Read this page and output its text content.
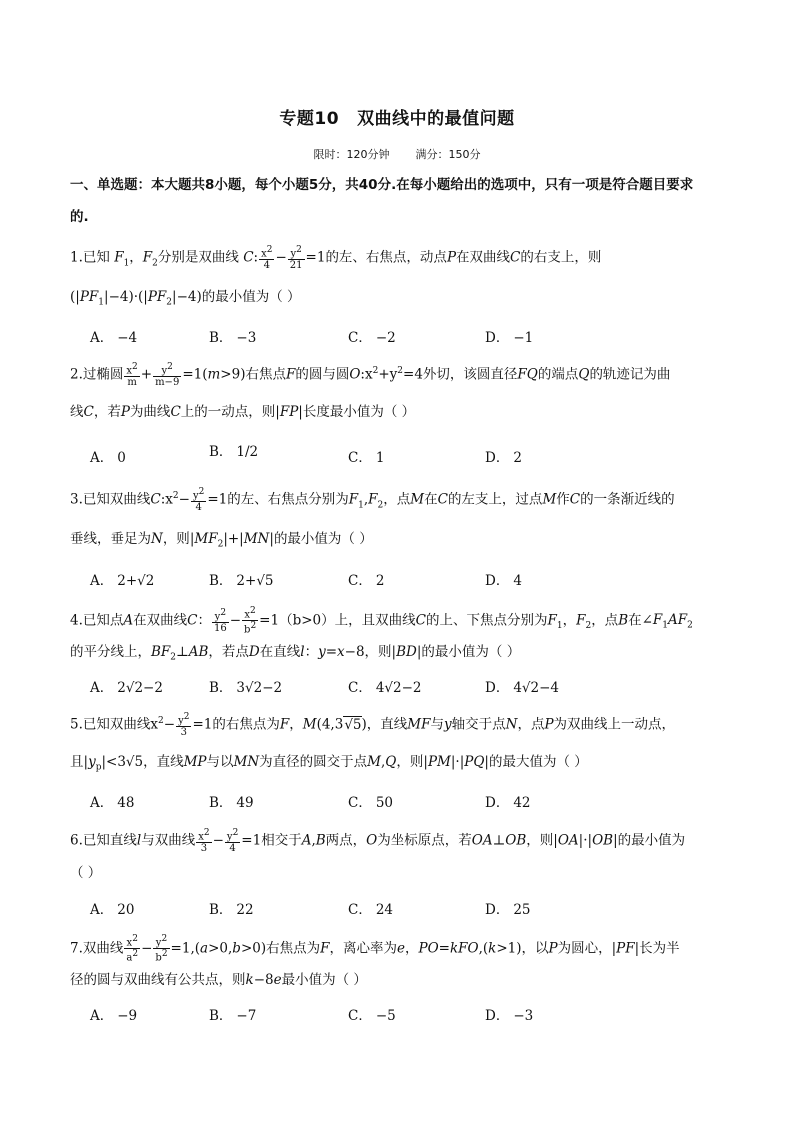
专题10 双曲线中的最值问题
限时：120分钟 满分：150分
一、单选题：本大题共8小题，每个小题5分，共40分.在每小题给出的选项中，只有一项是符合题目要求
的.
1.已知 $F_1$，$F_2$分别是双曲线 C: $\frac{x^2}{4} - \frac{y^2}{21} =1$的左、右焦点，动点P在双曲线C的右支上，则
$(|PF_1|-4)\cdot(|PF_2|-4)$的最小值为（ ）
A． −4	B． −3	C． −2	D． −1
2.过椭圆 $\frac{x^2}{m} + \frac{y^2}{m-9} =1(m>9)$右焦点F的圆与圆$O:x^2+y^2=4$外切，该圆直径FQ的端点Q的轨迹记为曲
线C，若P为曲线C上的一动点，则|FP|长度最小值为（ ）
A． 0	B． 1/2	C． 1	D． 2
3.已知双曲线$C:x^2- \frac{y^2}{4} =1$的左、右焦点分别为$F_1,F_2$，点M在C的左支上，过点M作C的一条渐近线的
垂线，垂足为N，则$|MF_2|+|MN|$的最小值为（ ）
A． 2+√2	B． 2+√5	C． 2	D． 4
4.已知点A在双曲线C： $\frac{y^2}{16} - \frac{x^2}{b^2} =1(b>0)$上，且双曲线C的上、下焦点分别为$F_1$，$F_2$，点B在$\angle F_1AF_2$
的平分线上，$BF_2\perp AB$，若点D在直线l：y=x−8，则|BD|的最小值为（ ）
A． 2√2−2	B． 3√2−2	C． 4√2−2	D． 4√2−4
5.已知双曲线$x^2- \frac{y^2}{3} =1$的右焦点为F，M(4,3√5)，直线MF与y轴交于点N，点P为双曲线上一动点，
且$|y_p|<3√5$，直线MP与以MN为直径的圆交于点M,Q，则|PM|·|PQ|的最大值为（ ）
A． 48	B． 49	C． 50	D． 42
6.已知直线l与双曲线 $\frac{x^2}{3} - \frac{y^2}{4} =1$相交于A,B两点，O为坐标原点，若OA⊥OB，则|OA|·|OB|的最小值为
（ ）
A． 20	B． 22	C． 24	D． 25
7.双曲线 $\frac{x^2}{a^2} - \frac{y^2}{b^2} =1,(a>0,b>0)$右焦点为F，离心率为e，PO=kFO,(k>1)，以P为圆心，|PF|长为半
径的圆与双曲线有公共点，则k−8e最小值为（ ）
A． −9	B． −7	C． −5	D． −3
